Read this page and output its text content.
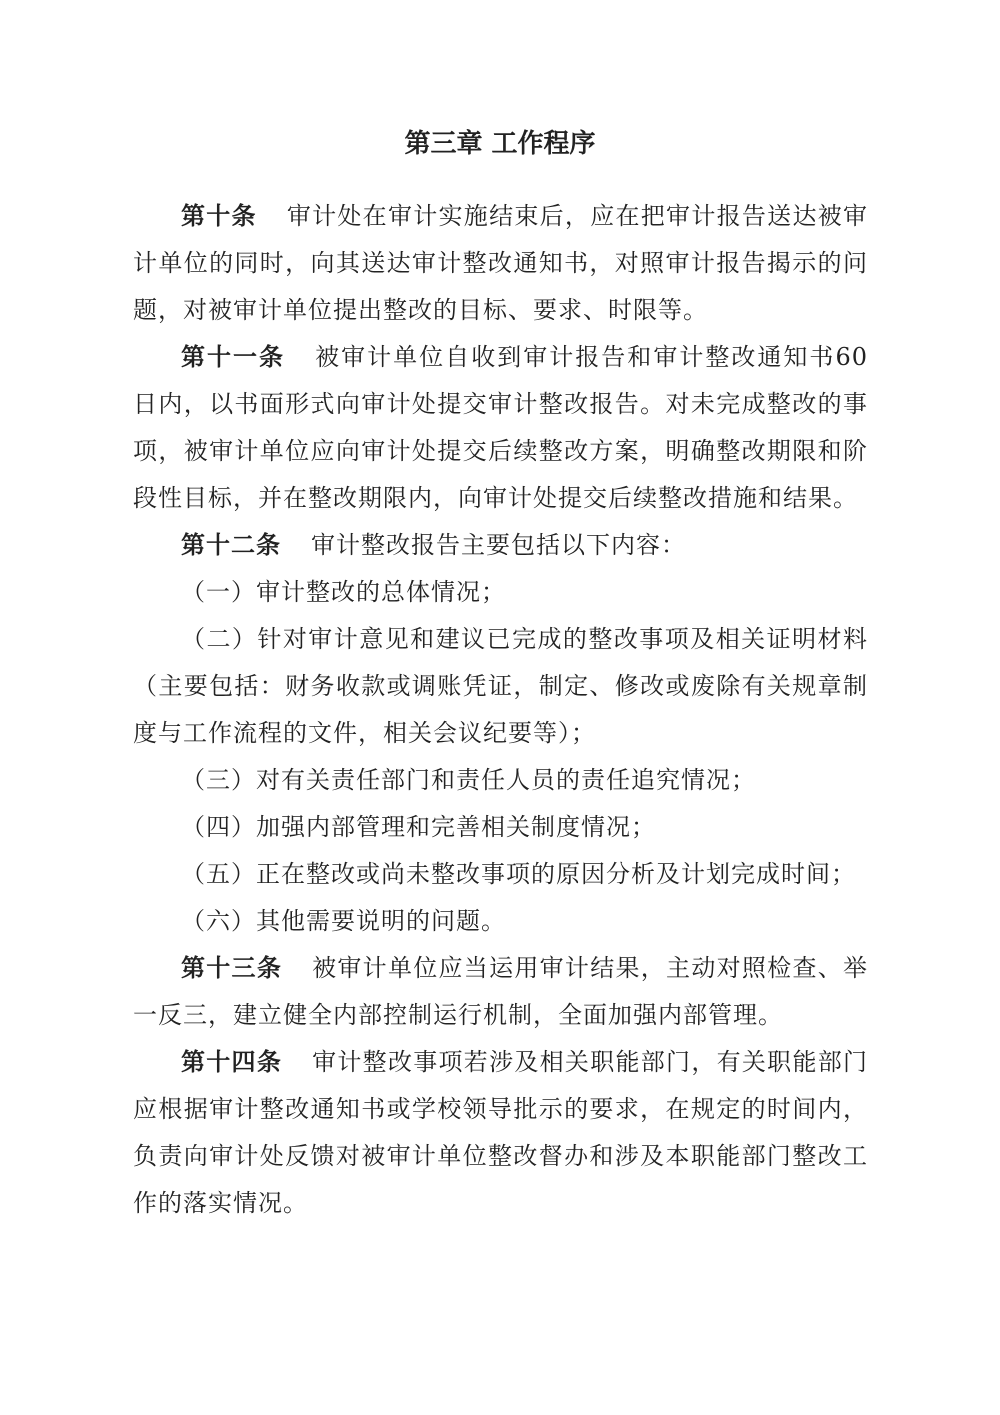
第三章 工作程序

第十条 审计处在审计实施结束后，应在把审计报告送达被审计单位的同时，向其送达审计整改通知书，对照审计报告揭示的问题，对被审计单位提出整改的目标、要求、时限等。

第十一条 被审计单位自收到审计报告和审计整改通知书60日内，以书面形式向审计处提交审计整改报告。对未完成整改的事项，被审计单位应向审计处提交后续整改方案，明确整改期限和阶段性目标，并在整改期限内，向审计处提交后续整改措施和结果。

第十二条 审计整改报告主要包括以下内容：

（一）审计整改的总体情况；

（二）针对审计意见和建议已完成的整改事项及相关证明材料（主要包括：财务收款或调账凭证，制定、修改或废除有关规章制度与工作流程的文件，相关会议纪要等）；

（三）对有关责任部门和责任人员的责任追究情况；

（四）加强内部管理和完善相关制度情况；

（五）正在整改或尚未整改事项的原因分析及计划完成时间；

（六）其他需要说明的问题。

第十三条 被审计单位应当运用审计结果，主动对照检查、举一反三，建立健全内部控制运行机制，全面加强内部管理。

第十四条 审计整改事项若涉及相关职能部门，有关职能部门应根据审计整改通知书或学校领导批示的要求，在规定的时间内，负责向审计处反馈对被审计单位整改督办和涉及本职能部门整改工作的落实情况。
